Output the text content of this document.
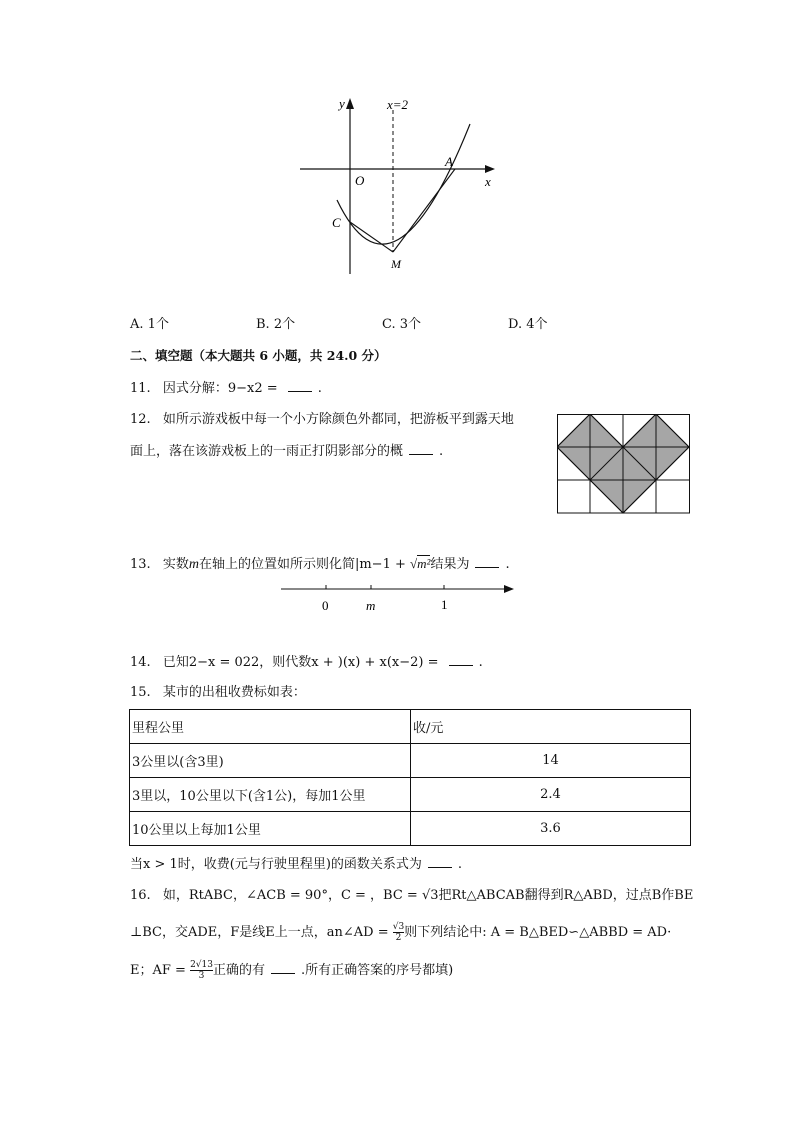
y	x=2
x
O
A
C
M
A. 1个	B. 2个	C. 3个	D. 4个
二、填空题（本大题共 6 小题，共 24.0 分）
11. 因式分解：9−x2 =	.
12. 如所示游戏板中每一个小方除颜色外都同，把游板平到露天地
面上，落在该游戏板上的一雨正打阴影部分的概	.
13. 实数m在轴上的位置如所示则化简|m−1 + √m²结果为	.
0	m	1
14. 已知2−x = 022，则代数x + )(x) + x(x−2) =	.
15. 某市的出租收费标如表：
里程公里	收/元
3公里以(含3里)	14
3里以，10公里以下(含1公)，每加1公里	2.4
10公里以上每加1公里	3.6
当x > 1时，收费(元与行驶里程里)的函数关系式为	.
16. 如，RtABC，∠ACB = 90°，C = ，BC = √3把Rt△ABCAB翻得到R△ABD，过点B作BE
⊥BC，交ADE，F是线E上一点，an∠AD = $\frac{√3}{2}$ 则下列结论中: A = B△BED∽△ABBD = AD·
E；AF = $\frac{2√13}{3}$ 正确的有	.所有正确答案的序号都填)
